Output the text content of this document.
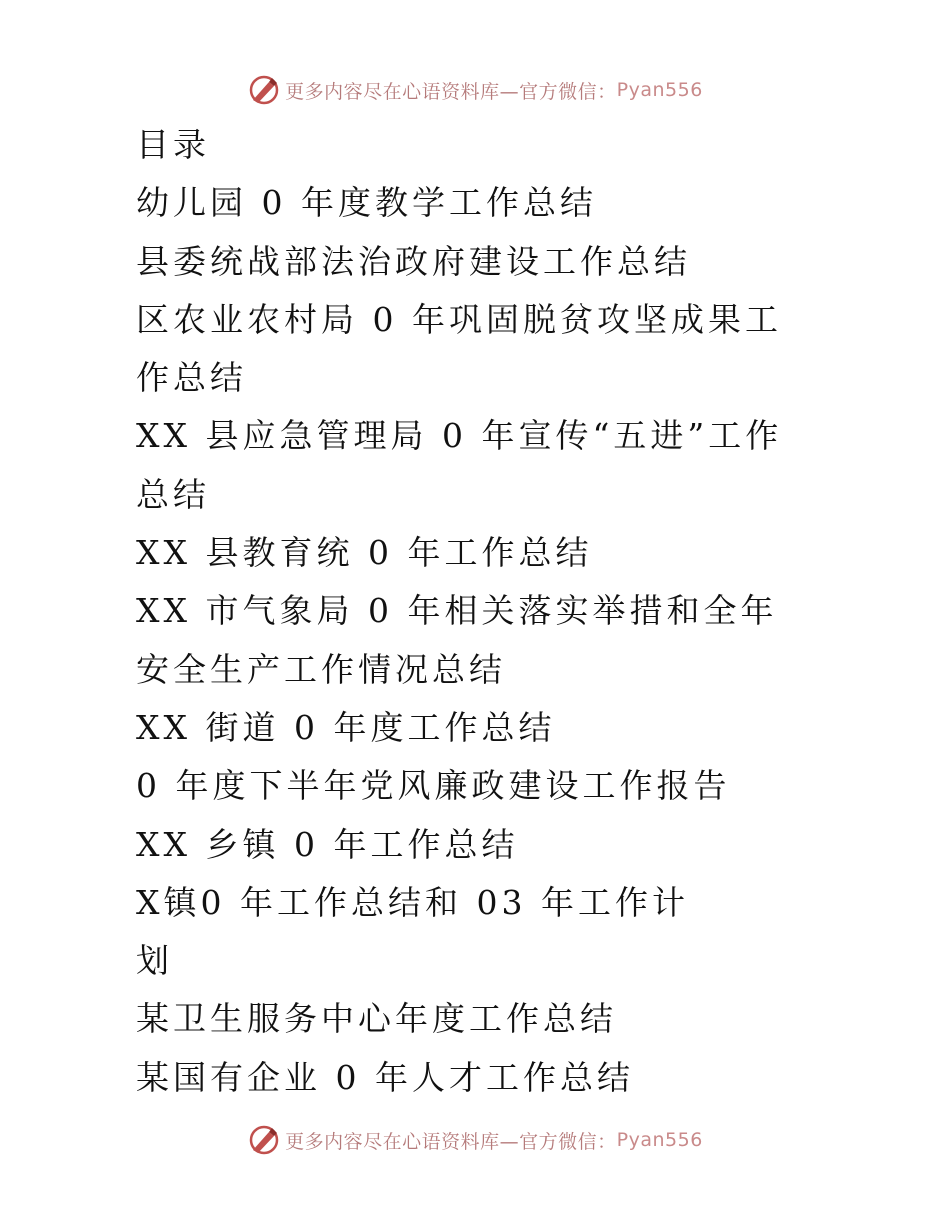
更多内容尽在心语资料库—官方微信： Pyan556
目录
幼儿园 0 年度教学工作总结
县委统战部法治政府建设工作总结
区农业农村局 0 年巩固脱贫攻坚成果工
作总结
XX 县应急管理局 0 年宣传“五进”工作
总结
XX 县教育统 0 年工作总结
XX 市气象局 0 年相关落实举措和全年
安全生产工作情况总结
XX 街道 0 年度工作总结
0 年度下半年党风廉政建设工作报告
XX 乡镇 0 年工作总结
X镇0 年工作总结和 03 年工作计
划
某卫生服务中心年度工作总结
某国有企业 0 年人才工作总结
更多内容尽在心语资料库—官方微信： Pyan556
